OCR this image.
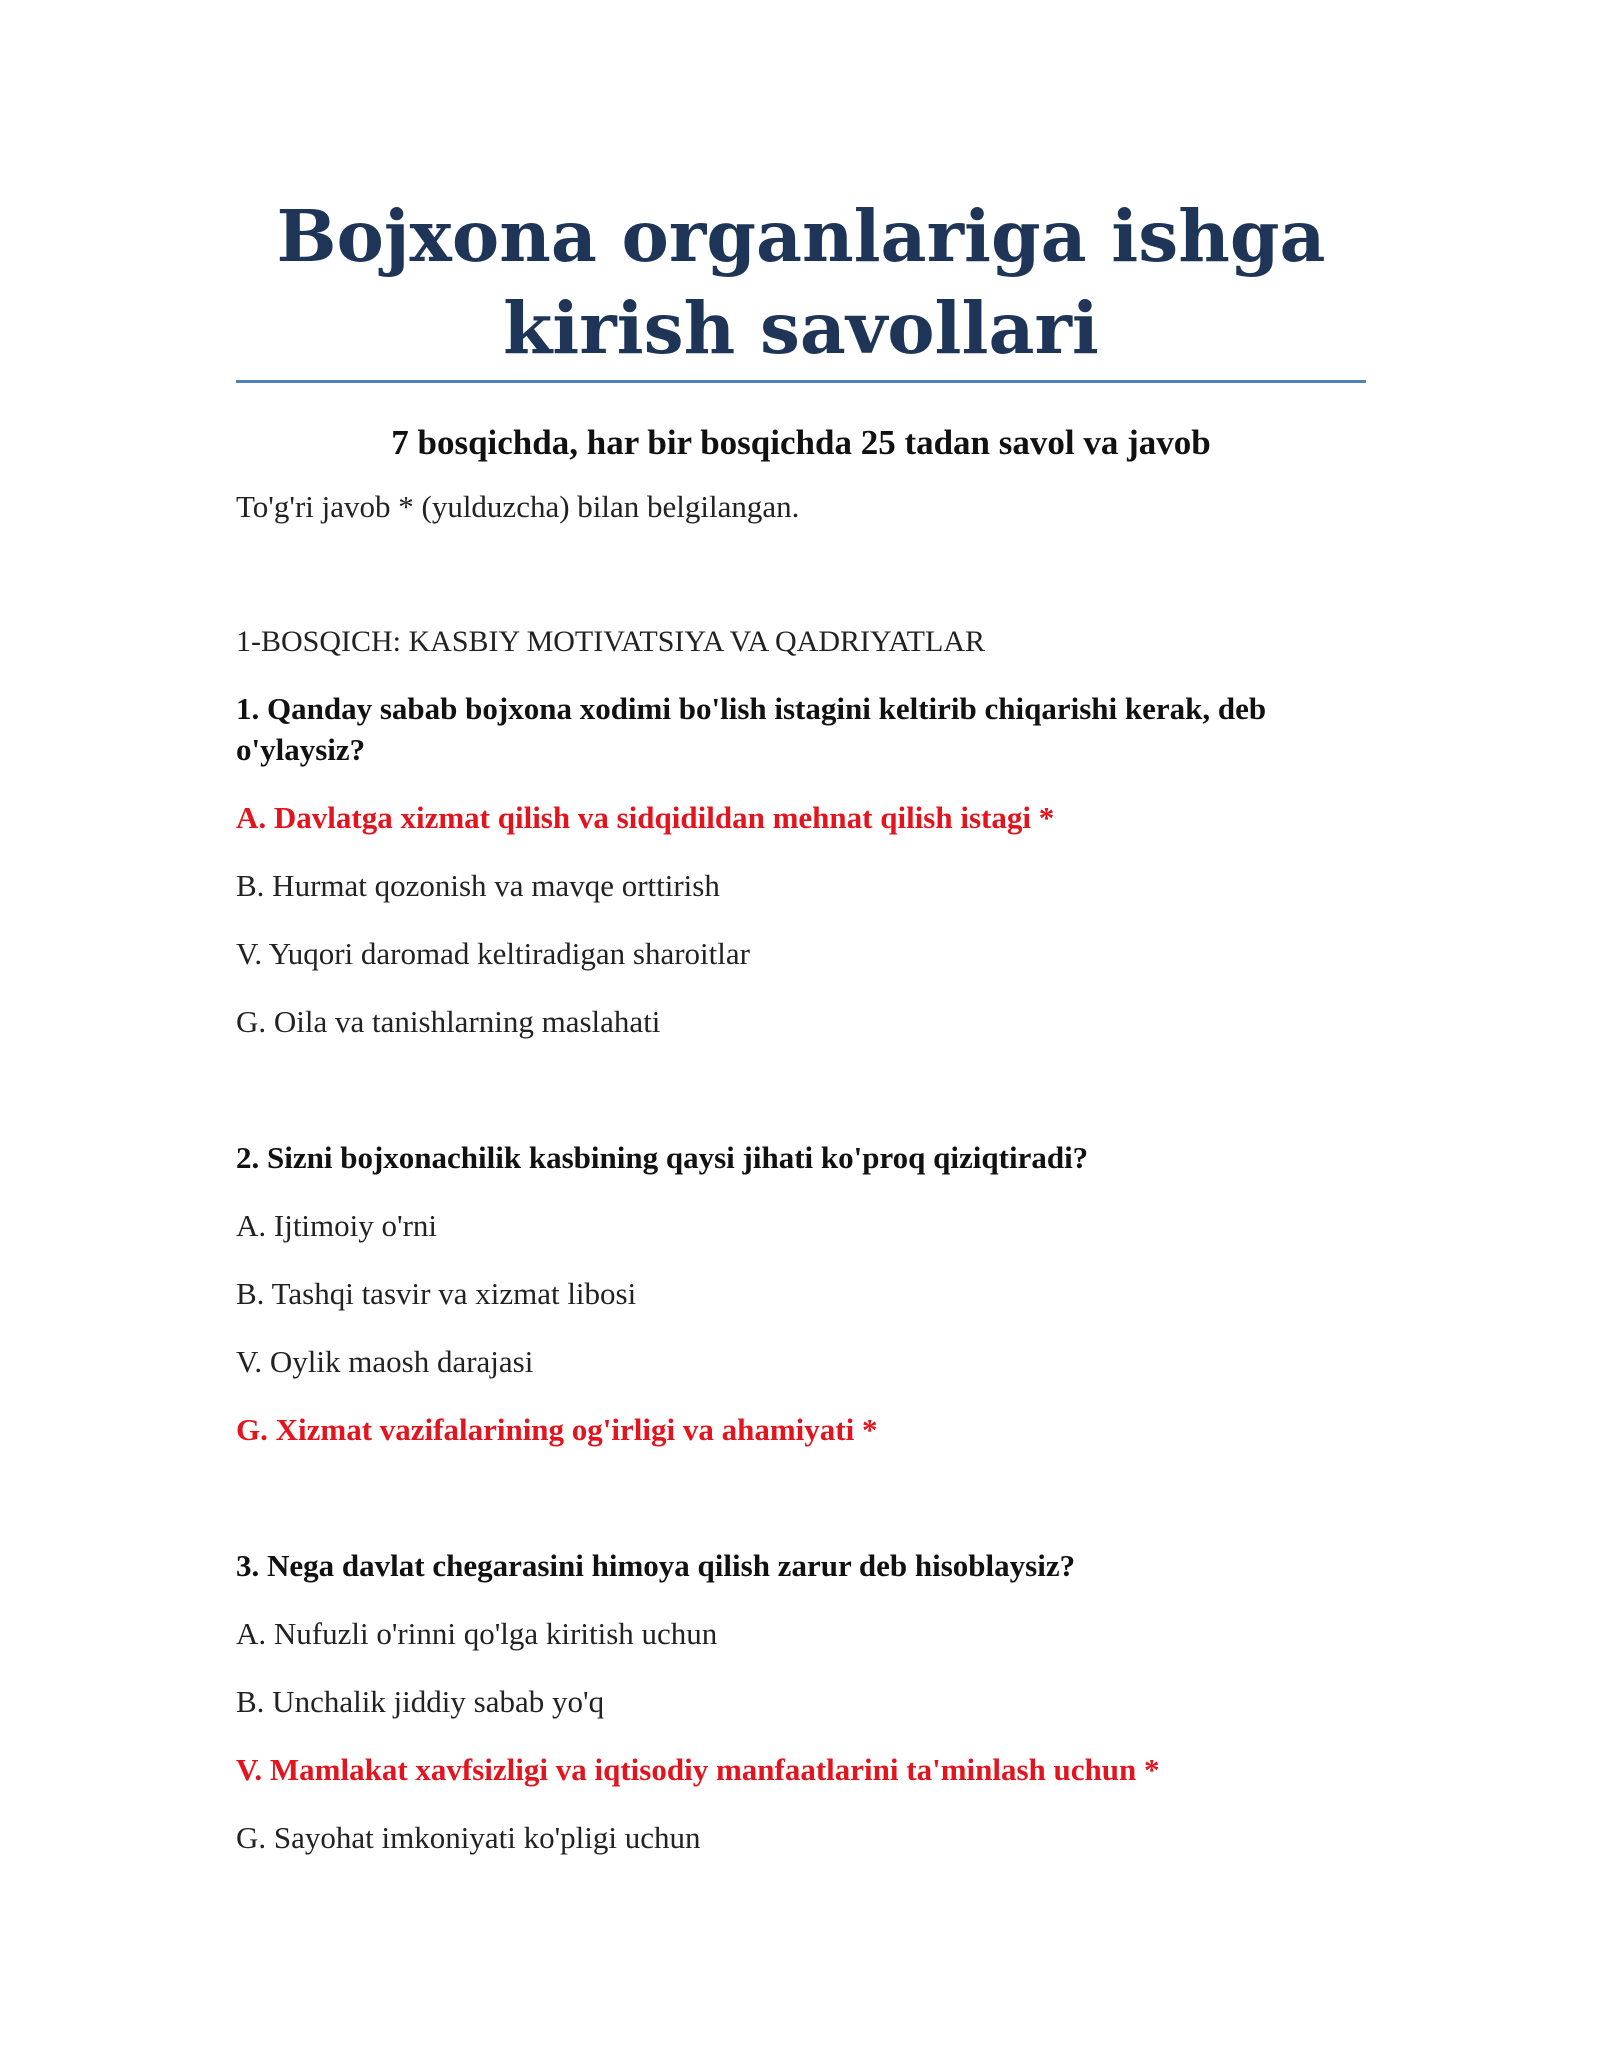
Bojxona organlariga ishga kirish savollari

7 bosqichda, har bir bosqichda 25 tadan savol va javob

To'g'ri javob * (yulduzcha) bilan belgilangan.

1-BOSQICH: KASBIY MOTIVATSIYA VA QADRIYATLAR

1. Qanday sabab bojxona xodimi bo'lish istagini keltirib chiqarishi kerak, deb o'ylaysiz?

A. Davlatga xizmat qilish va sidqidildan mehnat qilish istagi *

B. Hurmat qozonish va mavqe orttirish

V. Yuqori daromad keltiradigan sharoitlar

G. Oila va tanishlarning maslahati

2. Sizni bojxonachilik kasbining qaysi jihati ko'proq qiziqtiradi?

A. Ijtimoiy o'rni

B. Tashqi tasvir va xizmat libosi

V. Oylik maosh darajasi

G. Xizmat vazifalarining og'irligi va ahamiyati *

3. Nega davlat chegarasini himoya qilish zarur deb hisoblaysiz?

A. Nufuzli o'rinni qo'lga kiritish uchun

B. Unchalik jiddiy sabab yo'q

V. Mamlakat xavfsizligi va iqtisodiy manfaatlarini ta'minlash uchun *

G. Sayohat imkoniyati ko'pligi uchun
